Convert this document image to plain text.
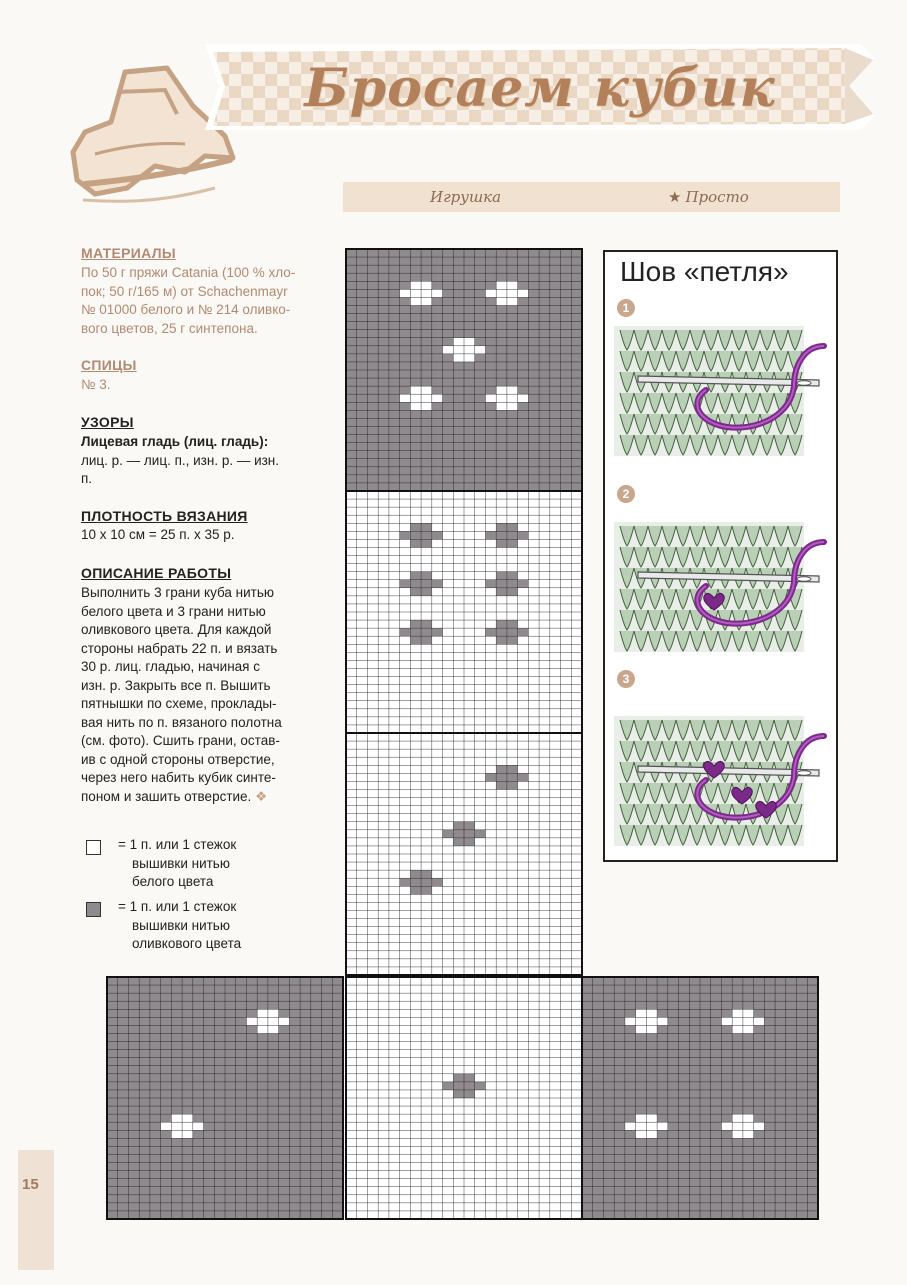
Бросаем кубик
Игрушка	★ Просто
МАТЕРИАЛЫ
По 50 г пряжи Catania (100 % хло-
пок; 50 г/165 м) от Schachenmayr
№ 01000 белого и № 214 оливко-
вого цветов, 25 г синтепона.
СПИЦЫ
№ 3.
УЗОРЫ
Лицевая гладь (лиц. гладь):
лиц. р. — лиц. п., изн. р. — изн.
п.
ПЛОТНОСТЬ ВЯЗАНИЯ
10 х 10 см = 25 п. х 35 р.
ОПИСАНИЕ РАБОТЫ
Выполнить 3 грани куба нитью
белого цвета и 3 грани нитью
оливкового цвета. Для каждой
стороны набрать 22 п. и вязать
30 р. лиц. гладью, начиная с
изн. р. Закрыть все п. Вышить
пятнышки по схеме, проклады-
вая нить по п. вязаного полотна
(см. фото). Сшить грани, остав-
ив с одной стороны отверстие,
через него набить кубик синте-
поном и зашить отверстие. ❖
= 1 п. или 1 стежок
вышивки нитью
белого цвета
= 1 п. или 1 стежок
вышивки нитью
оливкового цвета
Шов «петля»
1
2
3
15
